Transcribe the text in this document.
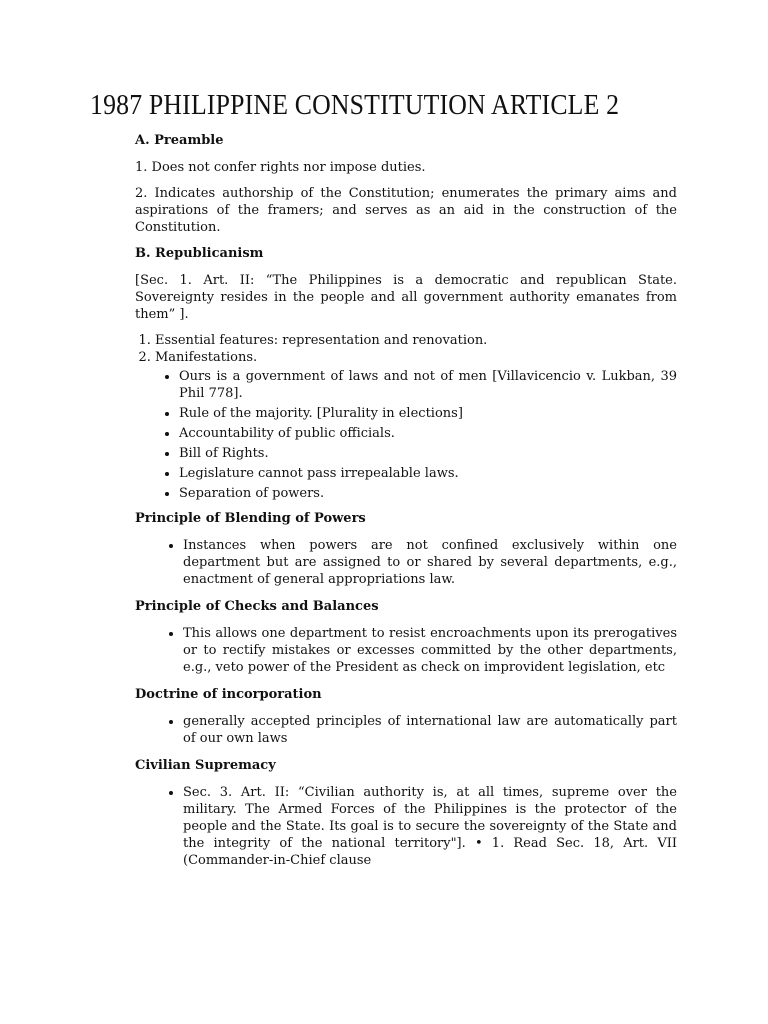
1987 PHILIPPINE CONSTITUTION ARTICLE 2
A. Preamble

1. Does not confer rights nor impose duties.

2. Indicates authorship of the Constitution; enumerates the primary aims and aspirations of the framers; and serves as an aid in the construction of the Constitution.

B. Republicanism

[Sec. 1. Art. II: “The Philippines is a democratic and republican State. Sovereignty resides in the people and all government authority emanates from them” ].

1. Essential features: representation and renovation.
2. Manifestations.
• Ours is a government of laws and not of men [Villavicencio v. Lukban, 39 Phil 778].
• Rule of the majority. [Plurality in elections]
• Accountability of public officials.
• Bill of Rights.
• Legislature cannot pass irrepealable laws.
• Separation of powers.
Principle of Blending of Powers
• Instances when powers are not confined exclusively within one department but are assigned to or shared by several departments, e.g., enactment of general appropriations law.
Principle of Checks and Balances
• This allows one department to resist encroachments upon its prerogatives or to rectify mistakes or excesses committed by the other departments, e.g., veto power of the President as check on improvident legislation, etc
Doctrine of incorporation
• generally accepted principles of international law are automatically part of our own laws
Civilian Supremacy
• Sec. 3. Art. II: “Civilian authority is, at all times, supreme over the military. The Armed Forces of the Philippines is the protector of the people and the State. Its goal is to secure the sovereignty of the State and the integrity of the national territory"]. • 1. Read Sec. 18, Art. VII (Commander-in-Chief clause
